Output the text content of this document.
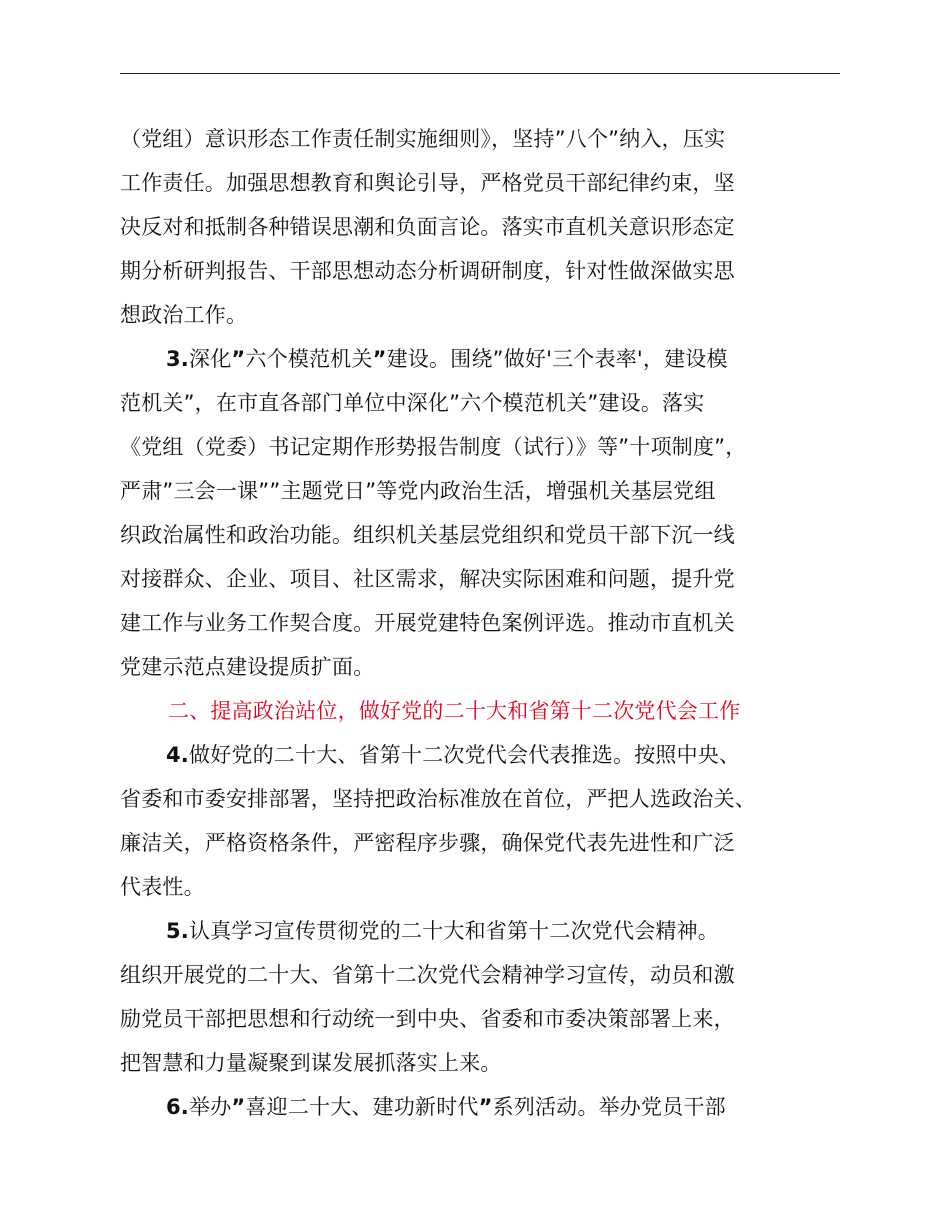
（党组）意识形态工作责任制实施细则》，坚持”八个”纳入，压实
工作责任。加强思想教育和舆论引导，严格党员干部纪律约束，坚
决反对和抵制各种错误思潮和负面言论。落实市直机关意识形态定
期分析研判报告、干部思想动态分析调研制度，针对性做深做实思
想政治工作。
3.深化”六个模范机关”建设。围绕”做好'三个表率'，建设模
范机关”，在市直各部门单位中深化”六个模范机关”建设。落实
《党组（党委）书记定期作形势报告制度（试行）》等”十项制度”，
严肃”三会一课””主题党日”等党内政治生活，增强机关基层党组
织政治属性和政治功能。组织机关基层党组织和党员干部下沉一线
对接群众、企业、项目、社区需求，解决实际困难和问题，提升党
建工作与业务工作契合度。开展党建特色案例评选。推动市直机关
党建示范点建设提质扩面。
二、提高政治站位，做好党的二十大和省第十二次党代会工作
4.做好党的二十大、省第十二次党代会代表推选。按照中央、
省委和市委安排部署，坚持把政治标准放在首位，严把人选政治关、
廉洁关，严格资格条件，严密程序步骤，确保党代表先进性和广泛
代表性。
5.认真学习宣传贯彻党的二十大和省第十二次党代会精神。
组织开展党的二十大、省第十二次党代会精神学习宣传，动员和激
励党员干部把思想和行动统一到中央、省委和市委决策部署上来，
把智慧和力量凝聚到谋发展抓落实上来。
6.举办”喜迎二十大、建功新时代”系列活动。举办党员干部
